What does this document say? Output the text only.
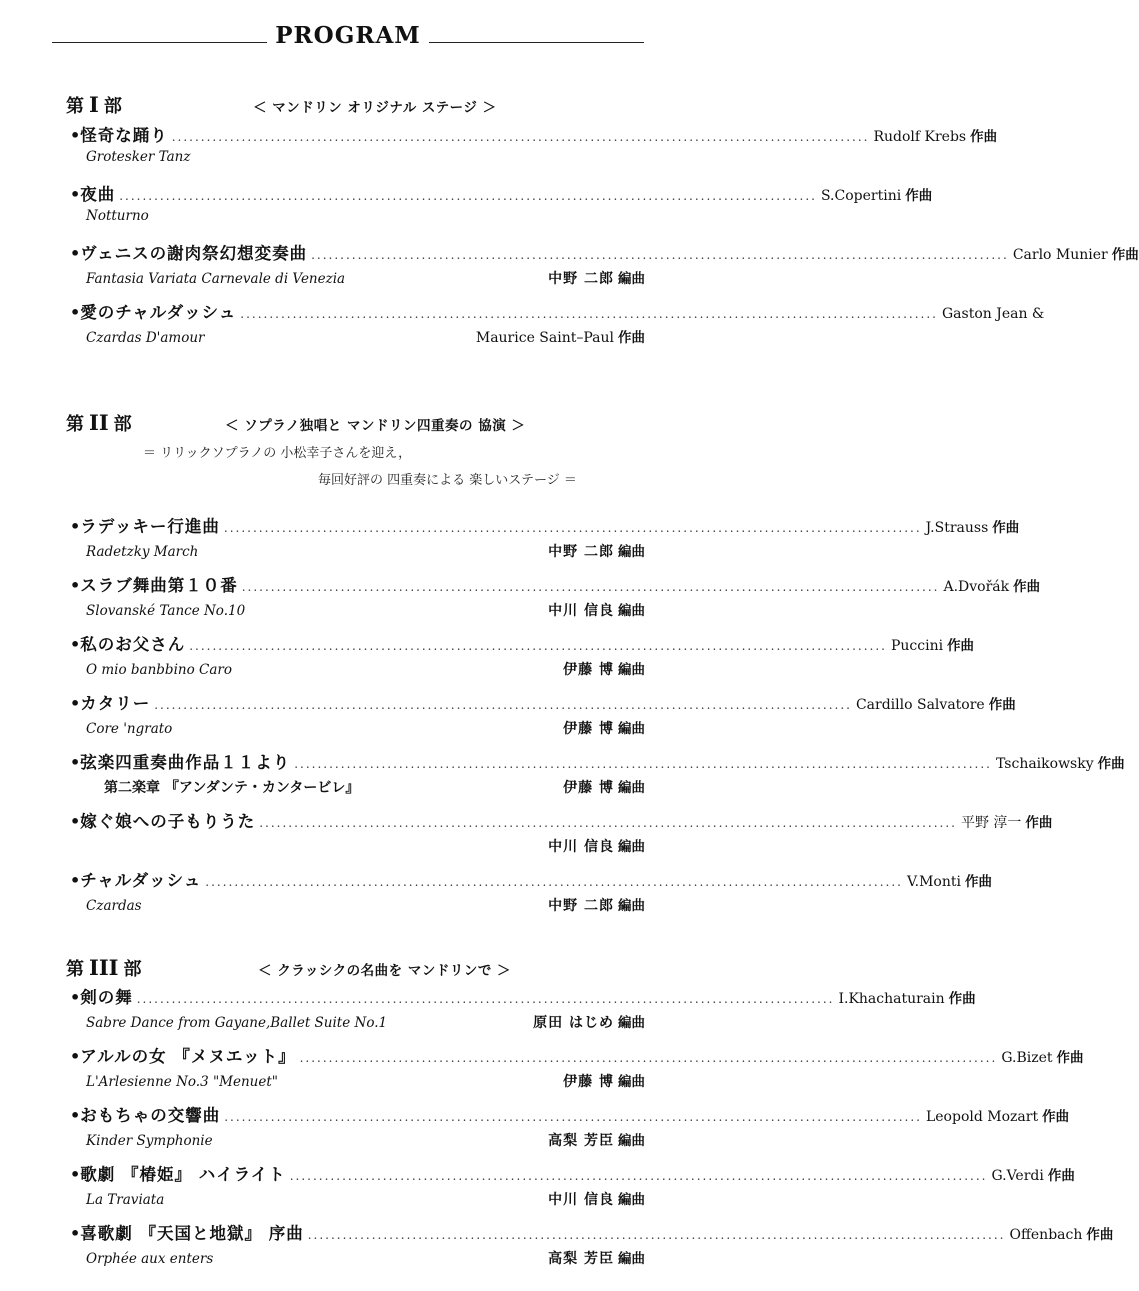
PROGRAM
第 I 部	＜ マンドリン オリジナル ステージ ＞
• 怪奇な踊り ........................................................................................................................ Rudolf Krebs 作曲
Grotesker Tanz
• 夜曲 ........................................................................................................................ S.Copertini 作曲
Notturno
• ヴェニスの謝肉祭幻想変奏曲 ........................................................................................................................ Carlo Munier 作曲
Fantasia Variata Carnevale di Venezia	中野 二郎 編曲
• 愛のチャルダッシュ ........................................................................................................................ Gaston Jean &
Czardas D'amour	Maurice Saint–Paul 作曲
第 II 部	＜ ソプラノ独唱と マンドリン四重奏の 協演 ＞
＝ リリックソプラノの 小松幸子さんを迎え，
毎回好評の 四重奏による 楽しいステージ ＝
• ラデッキー行進曲 ........................................................................................................................ J.Strauss 作曲
Radetzky March	中野 二郎 編曲
• スラブ舞曲第１０番 ........................................................................................................................ A.Dvořák 作曲
Slovanské Tance No.10	中川 信良 編曲
• 私のお父さん ........................................................................................................................ Puccini 作曲
O mio banbbino Caro	伊藤 博 編曲
• カタリー ........................................................................................................................ Cardillo Salvatore 作曲
Core 'ngrato	伊藤 博 編曲
• 弦楽四重奏曲作品１１より ........................................................................................................................ Tschaikowsky 作曲
第二楽章 『アンダンテ・カンタービレ』	伊藤 博 編曲
• 嫁ぐ娘への子もりうた ........................................................................................................................ 平野 淳一 作曲
中川 信良 編曲
• チャルダッシュ ........................................................................................................................ V.Monti 作曲
Czardas	中野 二郎 編曲
第 III 部	＜ クラッシクの名曲を マンドリンで ＞
• 剣の舞 ........................................................................................................................ I.Khachaturain 作曲
Sabre Dance from Gayane,Ballet Suite No.1	原田 はじめ 編曲
• アルルの女 『メヌエット』 ........................................................................................................................ G.Bizet 作曲
L'Arlesienne No.3 "Menuet"	伊藤 博 編曲
• おもちゃの交響曲 ........................................................................................................................ Leopold Mozart 作曲
Kinder Symphonie	高梨 芳臣 編曲
• 歌劇 『椿姫』 ハイライト ........................................................................................................................ G.Verdi 作曲
La Traviata	中川 信良 編曲
• 喜歌劇 『天国と地獄』 序曲 ........................................................................................................................ Offenbach 作曲
Orphée aux enters	高梨 芳臣 編曲
